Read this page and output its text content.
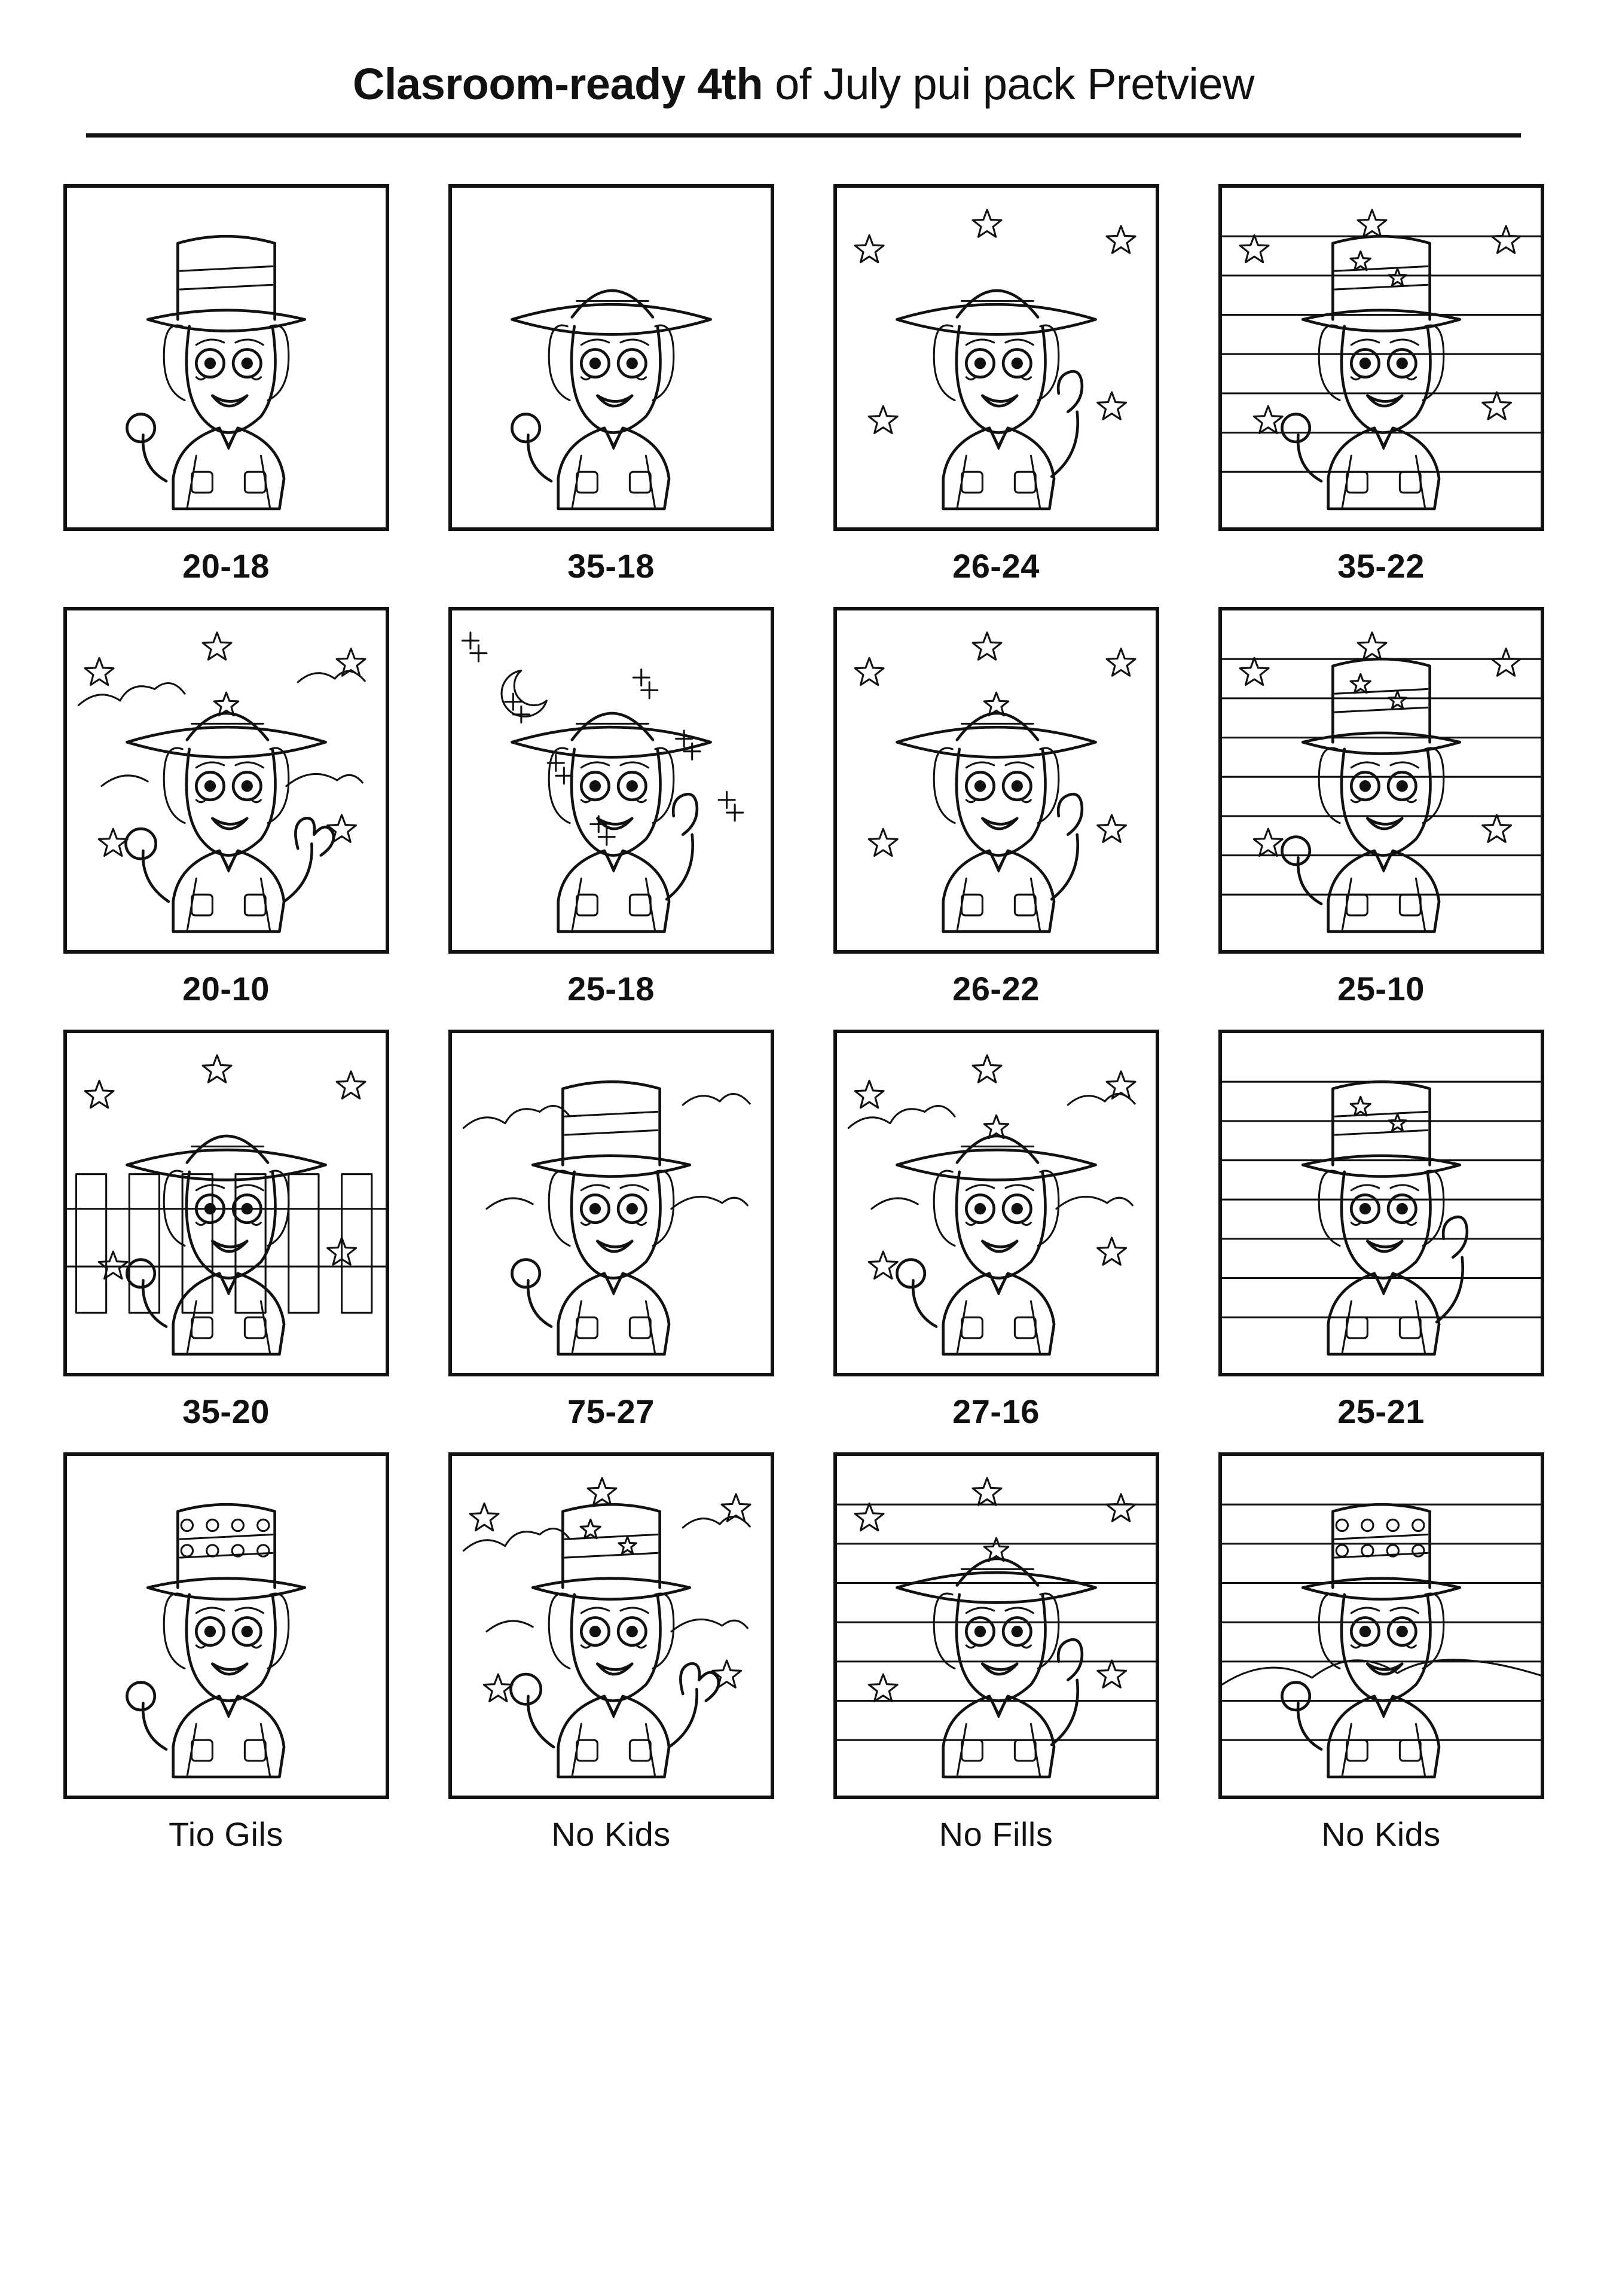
Clasroom-ready 4th of July pui pack Pretview
20-18	35-18	26-24	35-22
20-10	25-18	26-22	25-10
35-20	75-27	27-16	25-21
Tio Gils	No Kids	No Fills	No Kids
